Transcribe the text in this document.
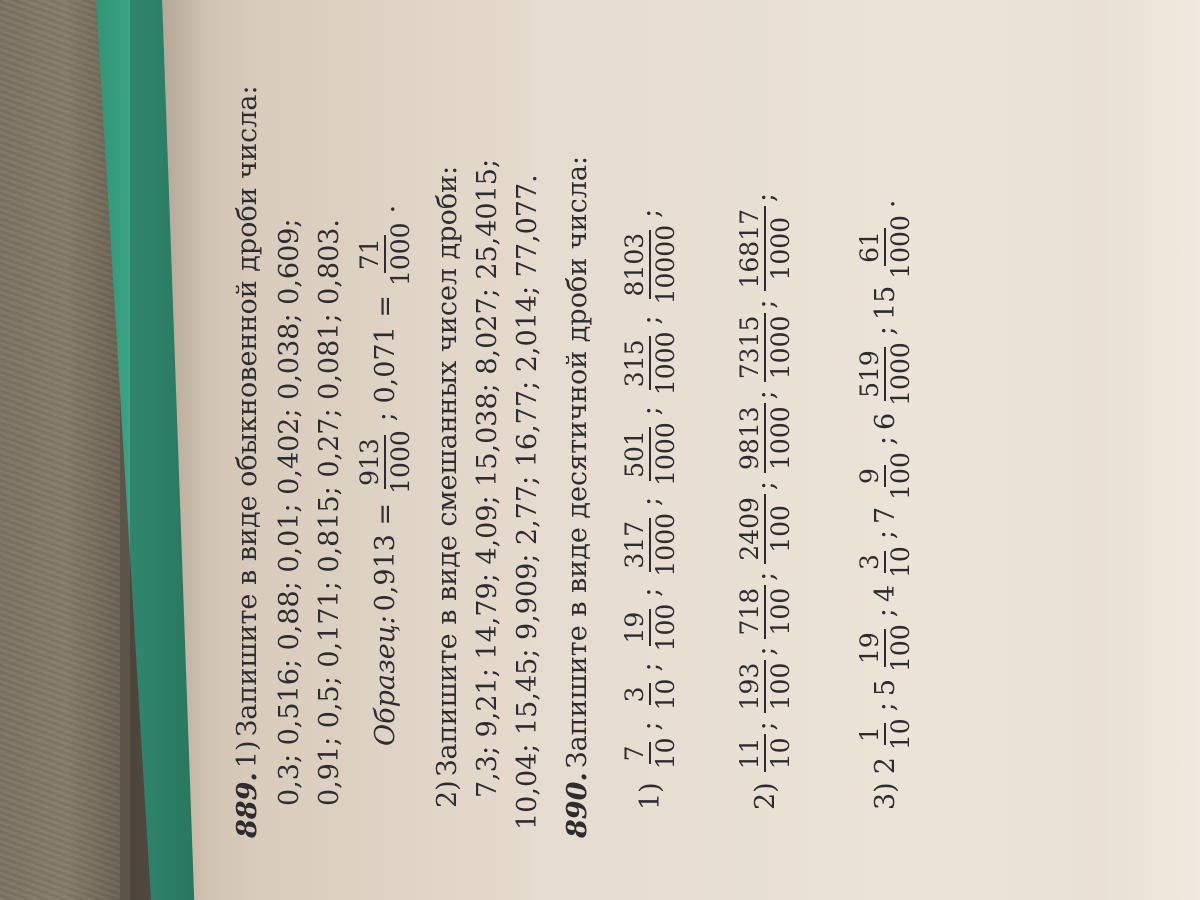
889.
1)
Запишите в виде обыкновенной дроби числа: 0,3; 0,516; 0,88; 0,01; 0,402; 0,038; 0,609; 0,91; 0,5; 0,171; 0,815; 0,27; 0,081; 0,803. Образец:
0,913 =
913 1000
; 0,071 =
71 1000
.
2)
Запишите в виде смешанных чисел дроби: 7,3; 9,21; 14,79; 4,09; 15,038; 8,027; 25,4015; 10,04; 15,45; 9,909; 2,77; 16,77; 2,014; 77,077. 890.
Запишите в виде десятичной дроби числа:
1)
7 10
;
3 10
;
19 100
;
317 1000
;
501 1000
;
315 1000
;
8103 10000
;
2)
11 10
;
193 100
;
718 100
;
2409 100
;
9813 1000
;
7315 1000
;
16817 1000
;
3)
2
1 10
;
5
19 100
;
4
3 10
;
7
9 100
;
6
519 1000
;
15
61 1000
.
